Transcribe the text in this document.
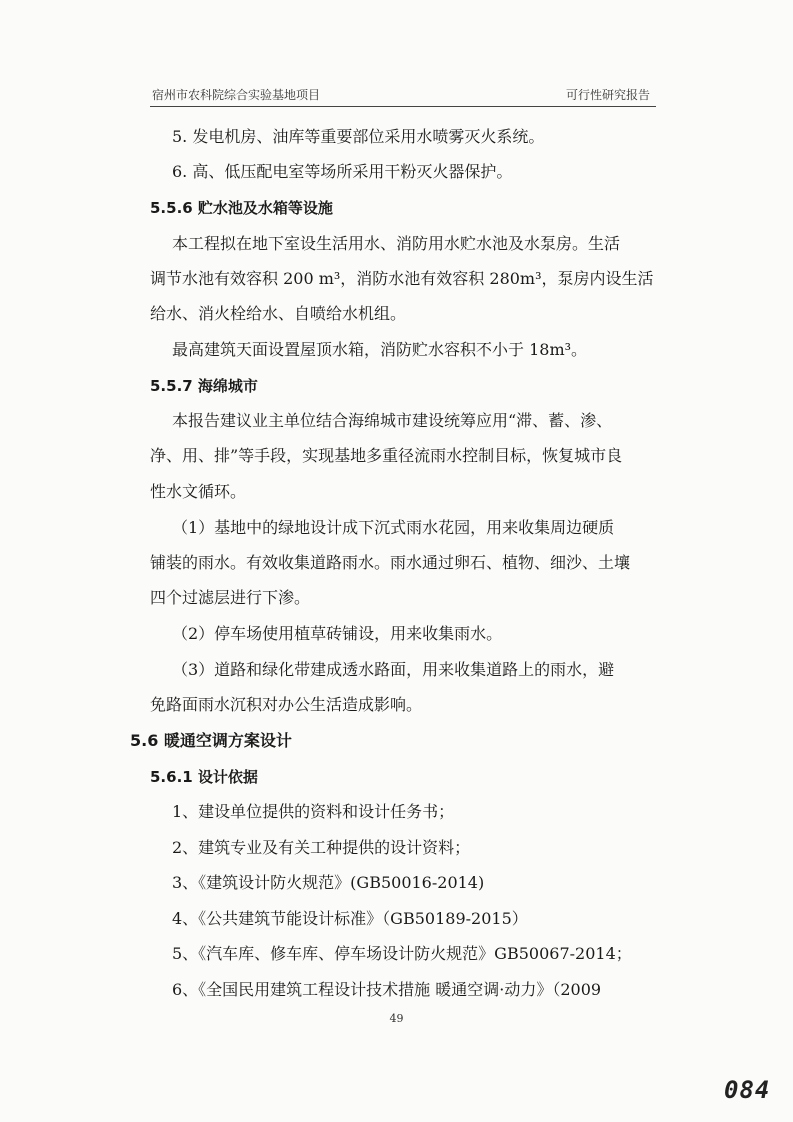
宿州市农科院综合实验基地项目	可行性研究报告
5. 发电机房、油库等重要部位采用水喷雾灭火系统。
6. 高、低压配电室等场所采用干粉灭火器保护。
5.5.6 贮水池及水箱等设施
本工程拟在地下室设生活用水、消防用水贮水池及水泵房。生活
调节水池有效容积 200 m³，消防水池有效容积 280m³，泵房内设生活
给水、消火栓给水、自喷给水机组。
最高建筑天面设置屋顶水箱，消防贮水容积不小于 18m³。
5.5.7 海绵城市
本报告建议业主单位结合海绵城市建设统筹应用“滞、蓄、渗、
净、用、排”等手段，实现基地多重径流雨水控制目标，恢复城市良
性水文循环。
（1）基地中的绿地设计成下沉式雨水花园，用来收集周边硬质
铺装的雨水。有效收集道路雨水。雨水通过卵石、植物、细沙、土壤
四个过滤层进行下渗。
（2）停车场使用植草砖铺设，用来收集雨水。
（3）道路和绿化带建成透水路面，用来收集道路上的雨水，避
免路面雨水沉积对办公生活造成影响。
5.6 暖通空调方案设计
5.6.1 设计依据
1、建设单位提供的资料和设计任务书；
2、建筑专业及有关工种提供的设计资料；
3、《建筑设计防火规范》(GB50016-2014)
4、《公共建筑节能设计标准》（GB50189-2015）
5、《汽车库、修车库、停车场设计防火规范》GB50067-2014；
6、《全国民用建筑工程设计技术措施 暖通空调·动力》（2009
49
084
